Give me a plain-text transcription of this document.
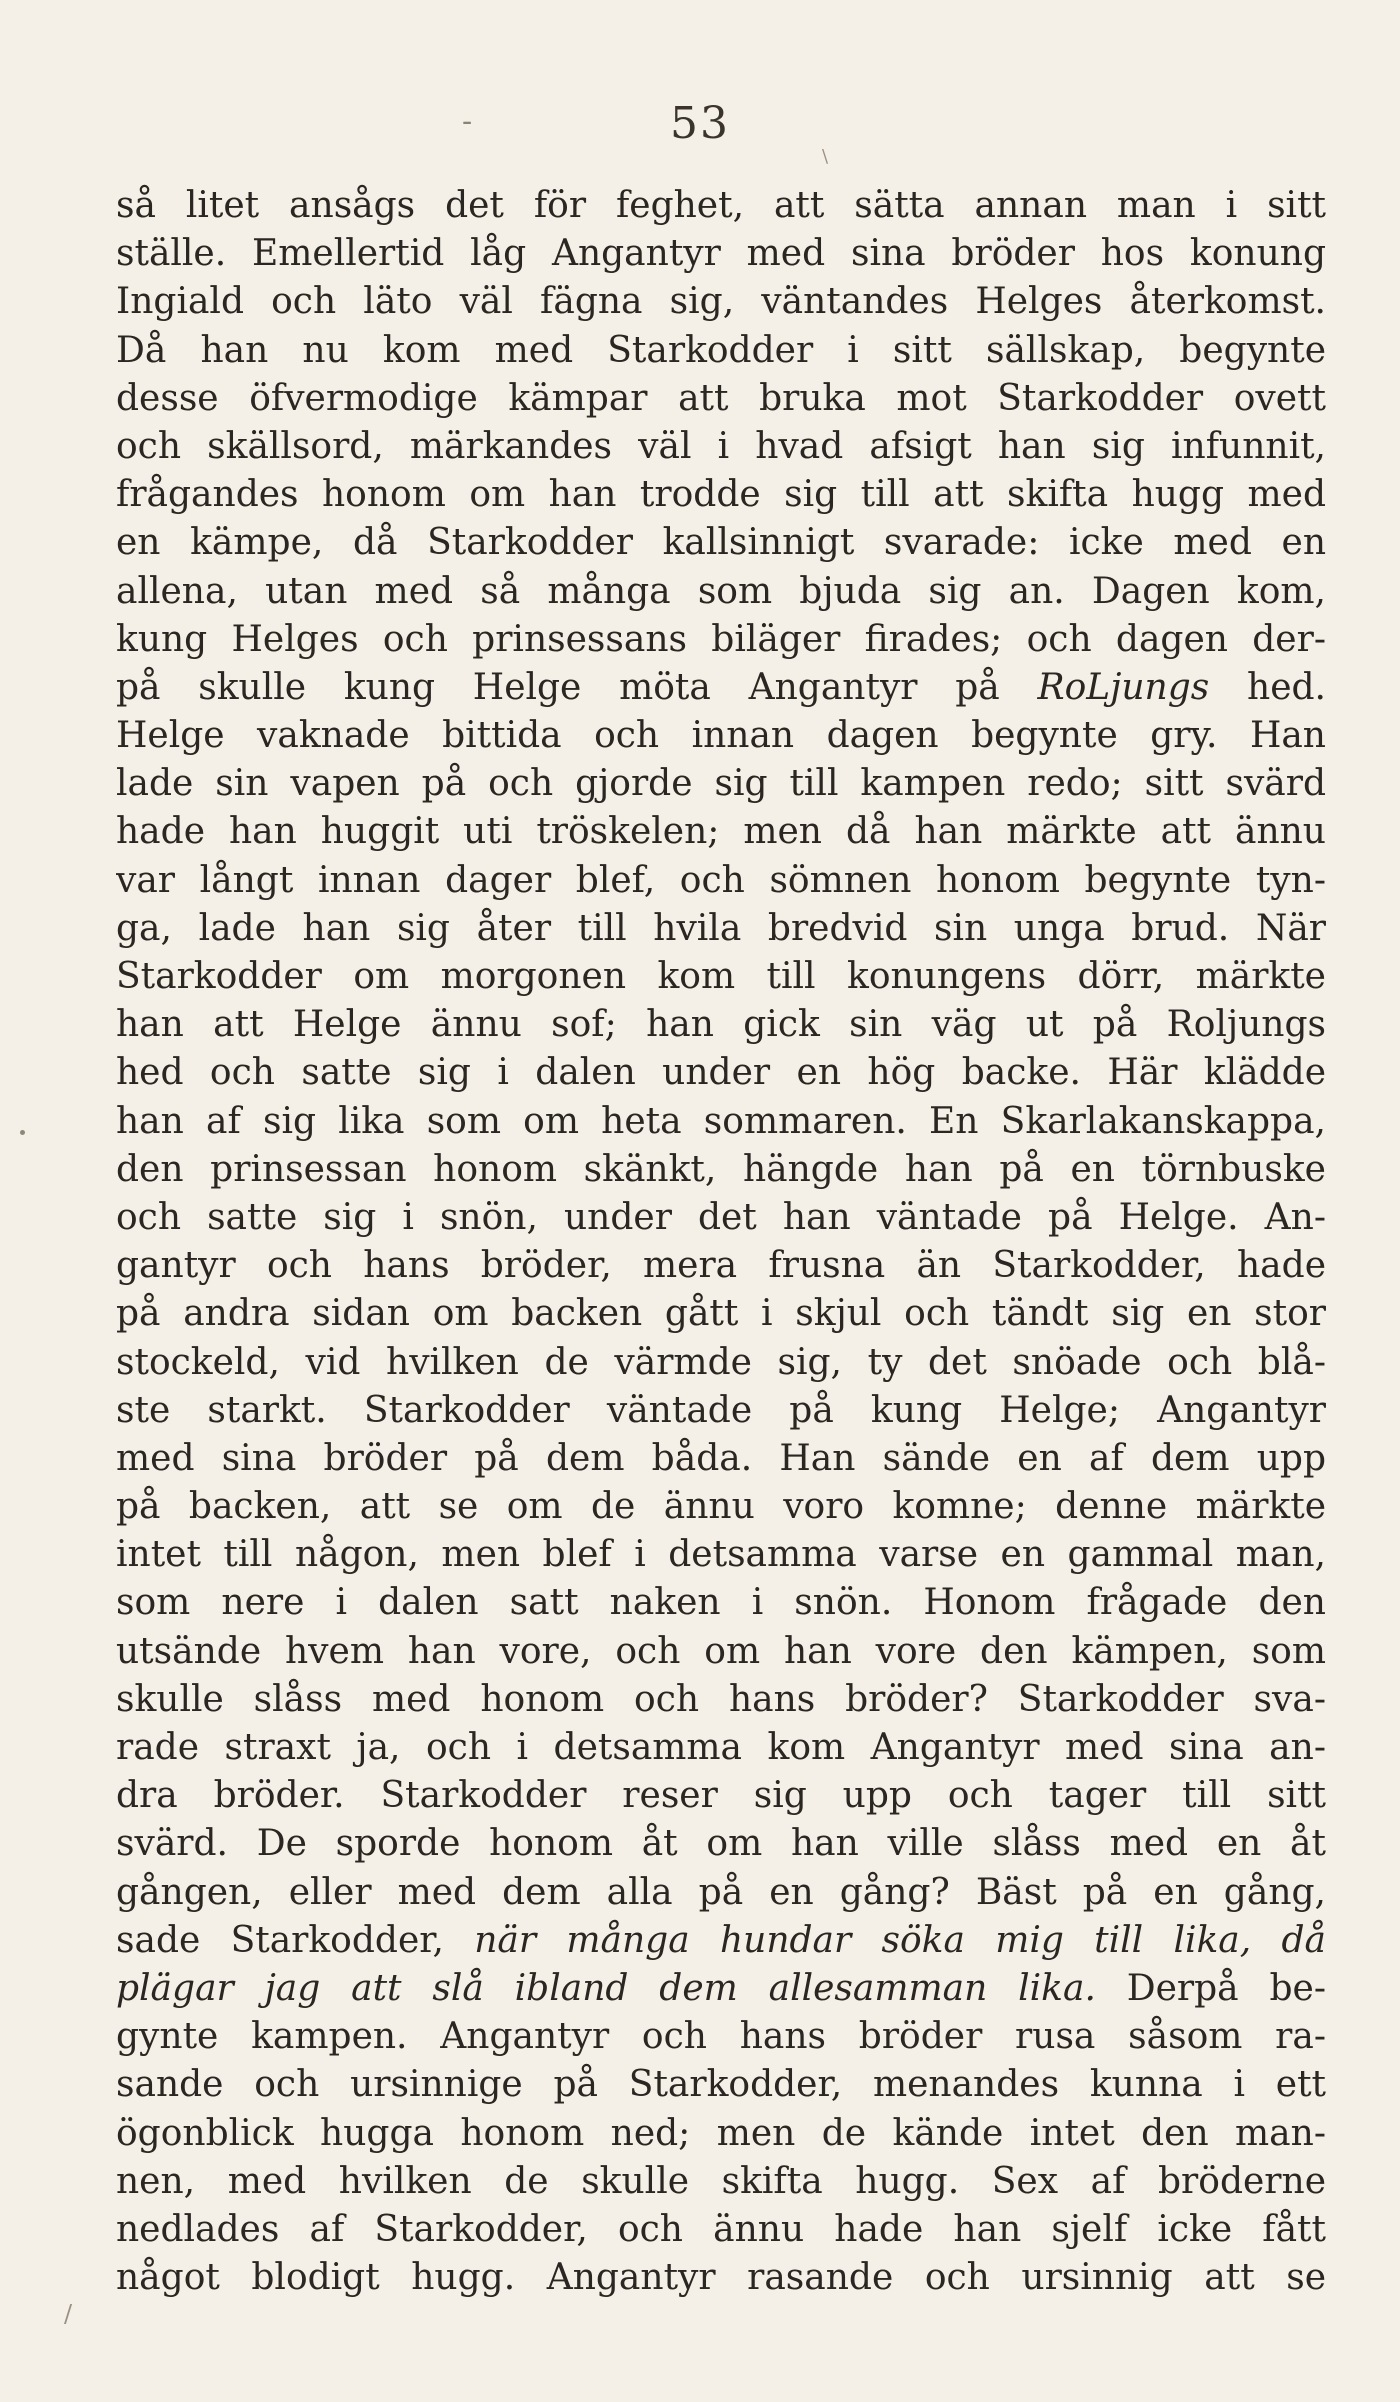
53
-
\
/
så litet ansågs det för feghet, att sätta annan man i sitt
ställe. Emellertid låg Angantyr med sina bröder hos konung
Ingiald och läto väl fägna sig, väntandes Helges återkomst.
Då han nu kom med Starkodder i sitt sällskap, begynte
desse öfvermodige kämpar att bruka mot Starkodder ovett
och skällsord, märkandes väl i hvad afsigt han sig infunnit,
frågandes honom om han trodde sig till att skifta hugg med
en kämpe, då Starkodder kallsinnigt svarade: icke med en
allena, utan med så många som bjuda sig an. Dagen kom,
kung Helges och prinsessans biläger firades; och dagen der-
på skulle kung Helge möta Angantyr på RoLjungs hed.
Helge vaknade bittida och innan dagen begynte gry. Han
lade sin vapen på och gjorde sig till kampen redo; sitt svärd
hade han huggit uti tröskelen; men då han märkte att ännu
var långt innan dager blef, och sömnen honom begynte tyn-
ga, lade han sig åter till hvila bredvid sin unga brud. När
Starkodder om morgonen kom till konungens dörr, märkte
han att Helge ännu sof; han gick sin väg ut på Roljungs
hed och satte sig i dalen under en hög backe. Här klädde
han af sig lika som om heta sommaren. En Skarlakanskappa,
den prinsessan honom skänkt, hängde han på en törnbuske
och satte sig i snön, under det han väntade på Helge. An-
gantyr och hans bröder, mera frusna än Starkodder, hade
på andra sidan om backen gått i skjul och tändt sig en stor
stockeld, vid hvilken de värmde sig, ty det snöade och blå-
ste starkt. Starkodder väntade på kung Helge; Angantyr
med sina bröder på dem båda. Han sände en af dem upp
på backen, att se om de ännu voro komne; denne märkte
intet till någon, men blef i detsamma varse en gammal man,
som nere i dalen satt naken i snön. Honom frågade den
utsände hvem han vore, och om han vore den kämpen, som
skulle slåss med honom och hans bröder? Starkodder sva-
rade straxt ja, och i detsamma kom Angantyr med sina an-
dra bröder. Starkodder reser sig upp och tager till sitt
svärd. De sporde honom åt om han ville slåss med en åt
gången, eller med dem alla på en gång? Bäst på en gång,
sade Starkodder, när många hundar söka mig till lika, då
plägar jag att slå ibland dem allesamman lika. Derpå be-
gynte kampen. Angantyr och hans bröder rusa såsom ra-
sande och ursinnige på Starkodder, menandes kunna i ett
ögonblick hugga honom ned; men de kände intet den man-
nen, med hvilken de skulle skifta hugg. Sex af bröderne
nedlades af Starkodder, och ännu hade han sjelf icke fått
något blodigt hugg. Angantyr rasande och ursinnig att se
